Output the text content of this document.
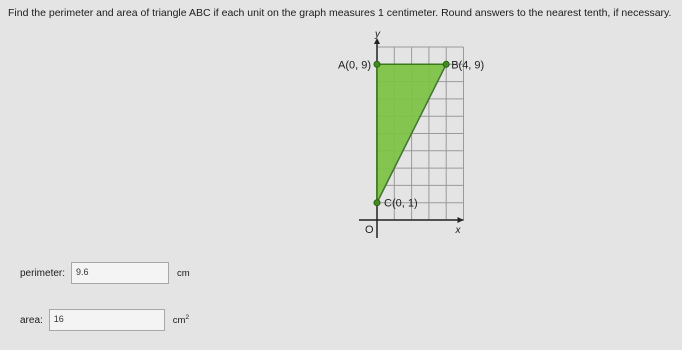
Find the perimeter and area of triangle ABC if each unit on the graph measures 1 centimeter. Round answers to the nearest tenth, if necessary.
y
x
O
A(0, 9)	B(4, 9)
C(0, 1)
perimeter:	9.6	cm
area:	16	$cm^2$
